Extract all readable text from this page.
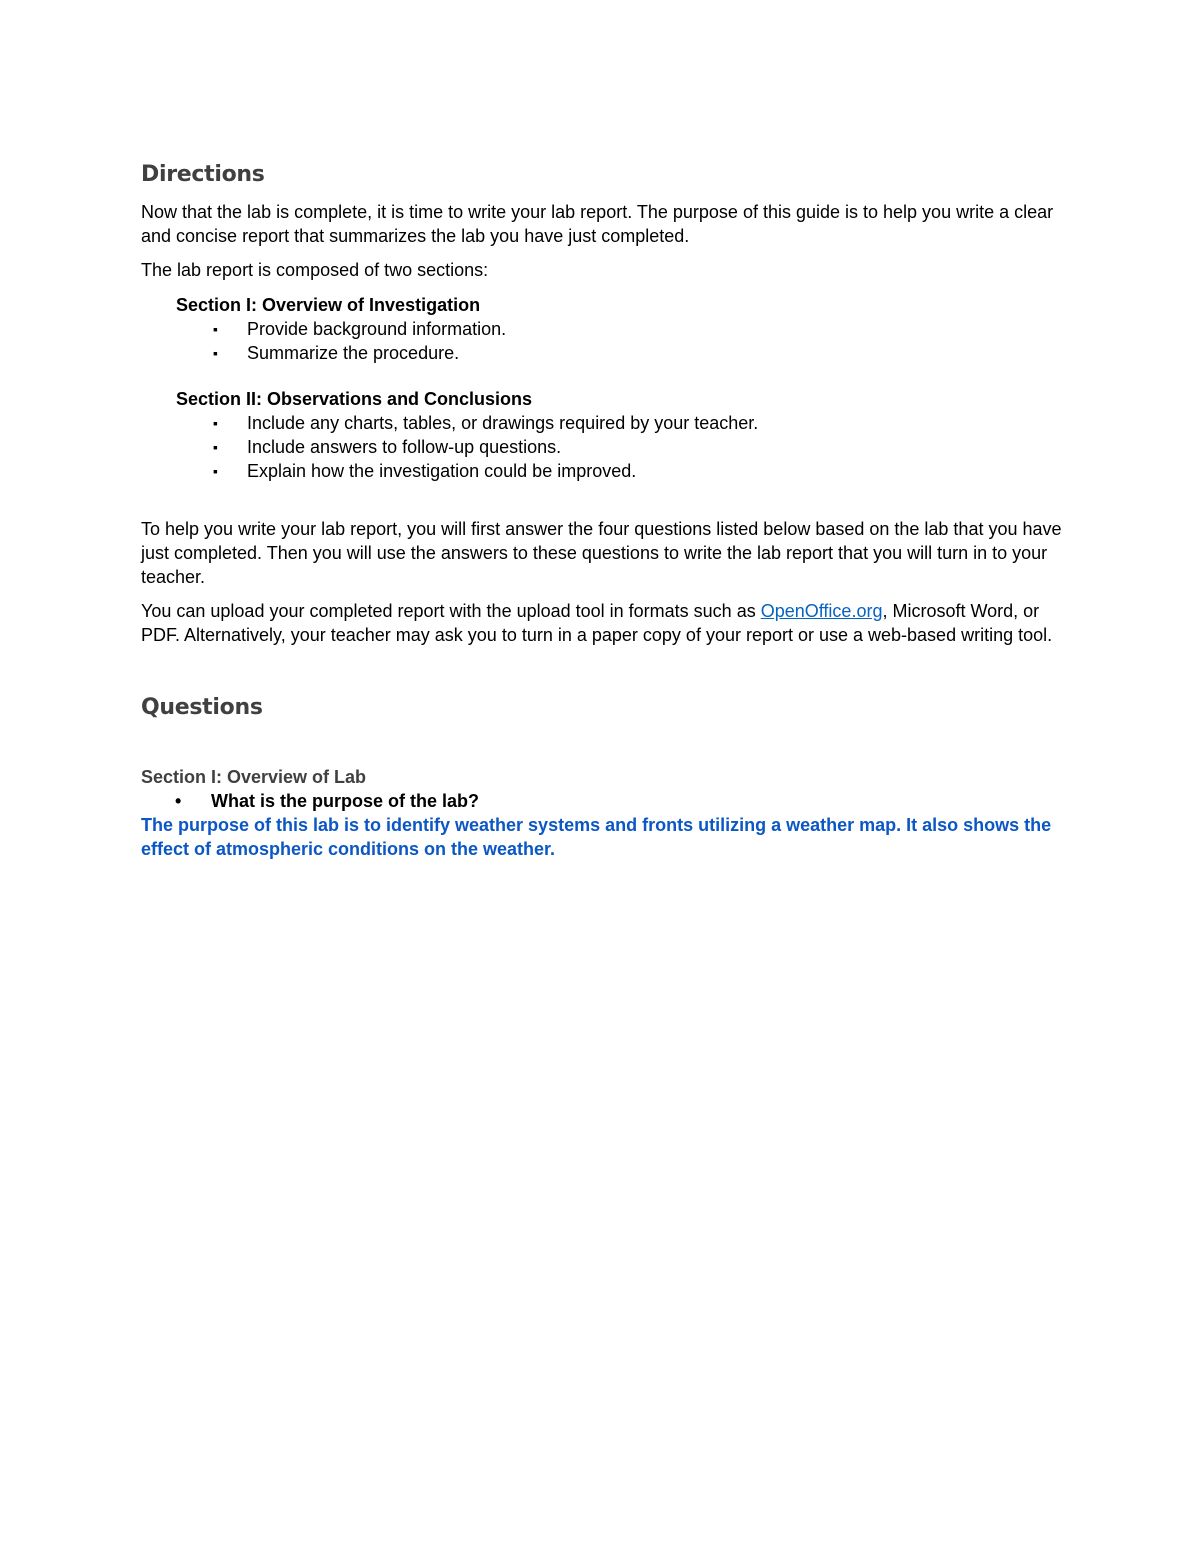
Directions

Now that the lab is complete, it is time to write your lab report. The purpose of this guide is to help you write a clear and concise report that summarizes the lab you have just completed.

The lab report is composed of two sections:

Section I: Overview of Investigation

▪ Provide background information.
▪ Summarize the procedure.

Section II: Observations and Conclusions

▪ Include any charts, tables, or drawings required by your teacher.
▪ Include answers to follow-up questions.
▪ Explain how the investigation could be improved.

To help you write your lab report, you will first answer the four questions listed below based on the lab that you have just completed. Then you will use the answers to these questions to write the lab report that you will turn in to your teacher.

You can upload your completed report with the upload tool in formats such as OpenOffice.org, Microsoft Word, or PDF. Alternatively, your teacher may ask you to turn in a paper copy of your report or use a web-based writing tool.

Questions

Section I: Overview of Lab

• What is the purpose of the lab?

The purpose of this lab is to identify weather systems and fronts utilizing a weather map. It also shows the effect of atmospheric conditions on the weather.
